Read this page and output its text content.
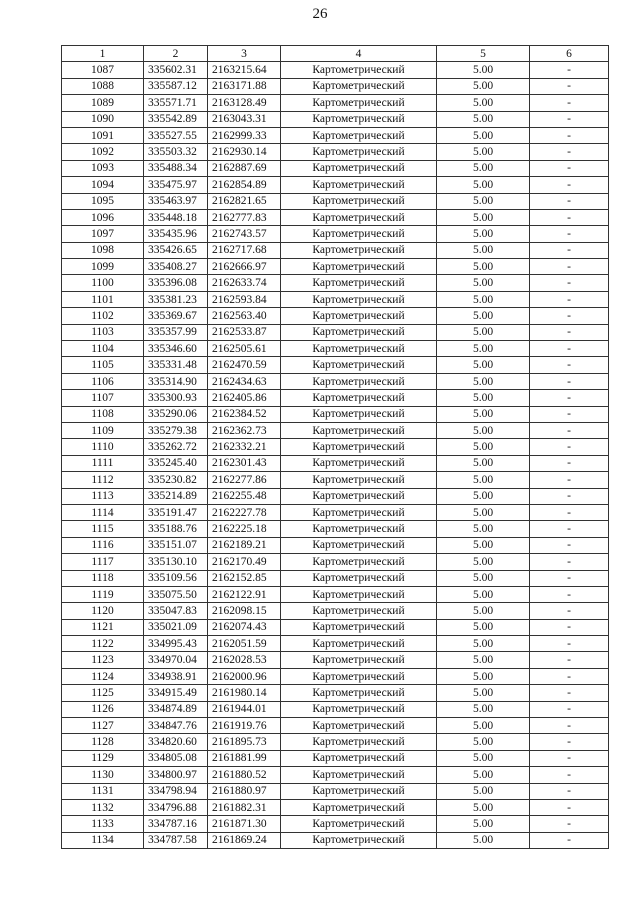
26
1	2	3	4	5	6
1087	335602.31	2163215.64	Картометрический	5.00	-
1088	335587.12	2163171.88	Картометрический	5.00	-
1089	335571.71	2163128.49	Картометрический	5.00	-
1090	335542.89	2163043.31	Картометрический	5.00	-
1091	335527.55	2162999.33	Картометрический	5.00	-
1092	335503.32	2162930.14	Картометрический	5.00	-
1093	335488.34	2162887.69	Картометрический	5.00	-
1094	335475.97	2162854.89	Картометрический	5.00	-
1095	335463.97	2162821.65	Картометрический	5.00	-
1096	335448.18	2162777.83	Картометрический	5.00	-
1097	335435.96	2162743.57	Картометрический	5.00	-
1098	335426.65	2162717.68	Картометрический	5.00	-
1099	335408.27	2162666.97	Картометрический	5.00	-
1100	335396.08	2162633.74	Картометрический	5.00	-
1101	335381.23	2162593.84	Картометрический	5.00	-
1102	335369.67	2162563.40	Картометрический	5.00	-
1103	335357.99	2162533.87	Картометрический	5.00	-
1104	335346.60	2162505.61	Картометрический	5.00	-
1105	335331.48	2162470.59	Картометрический	5.00	-
1106	335314.90	2162434.63	Картометрический	5.00	-
1107	335300.93	2162405.86	Картометрический	5.00	-
1108	335290.06	2162384.52	Картометрический	5.00	-
1109	335279.38	2162362.73	Картометрический	5.00	-
1110	335262.72	2162332.21	Картометрический	5.00	-
1111	335245.40	2162301.43	Картометрический	5.00	-
1112	335230.82	2162277.86	Картометрический	5.00	-
1113	335214.89	2162255.48	Картометрический	5.00	-
1114	335191.47	2162227.78	Картометрический	5.00	-
1115	335188.76	2162225.18	Картометрический	5.00	-
1116	335151.07	2162189.21	Картометрический	5.00	-
1117	335130.10	2162170.49	Картометрический	5.00	-
1118	335109.56	2162152.85	Картометрический	5.00	-
1119	335075.50	2162122.91	Картометрический	5.00	-
1120	335047.83	2162098.15	Картометрический	5.00	-
1121	335021.09	2162074.43	Картометрический	5.00	-
1122	334995.43	2162051.59	Картометрический	5.00	-
1123	334970.04	2162028.53	Картометрический	5.00	-
1124	334938.91	2162000.96	Картометрический	5.00	-
1125	334915.49	2161980.14	Картометрический	5.00	-
1126	334874.89	2161944.01	Картометрический	5.00	-
1127	334847.76	2161919.76	Картометрический	5.00	-
1128	334820.60	2161895.73	Картометрический	5.00	-
1129	334805.08	2161881.99	Картометрический	5.00	-
1130	334800.97	2161880.52	Картометрический	5.00	-
1131	334798.94	2161880.97	Картометрический	5.00	-
1132	334796.88	2161882.31	Картометрический	5.00	-
1133	334787.16	2161871.30	Картометрический	5.00	-
1134	334787.58	2161869.24	Картометрический	5.00	-
